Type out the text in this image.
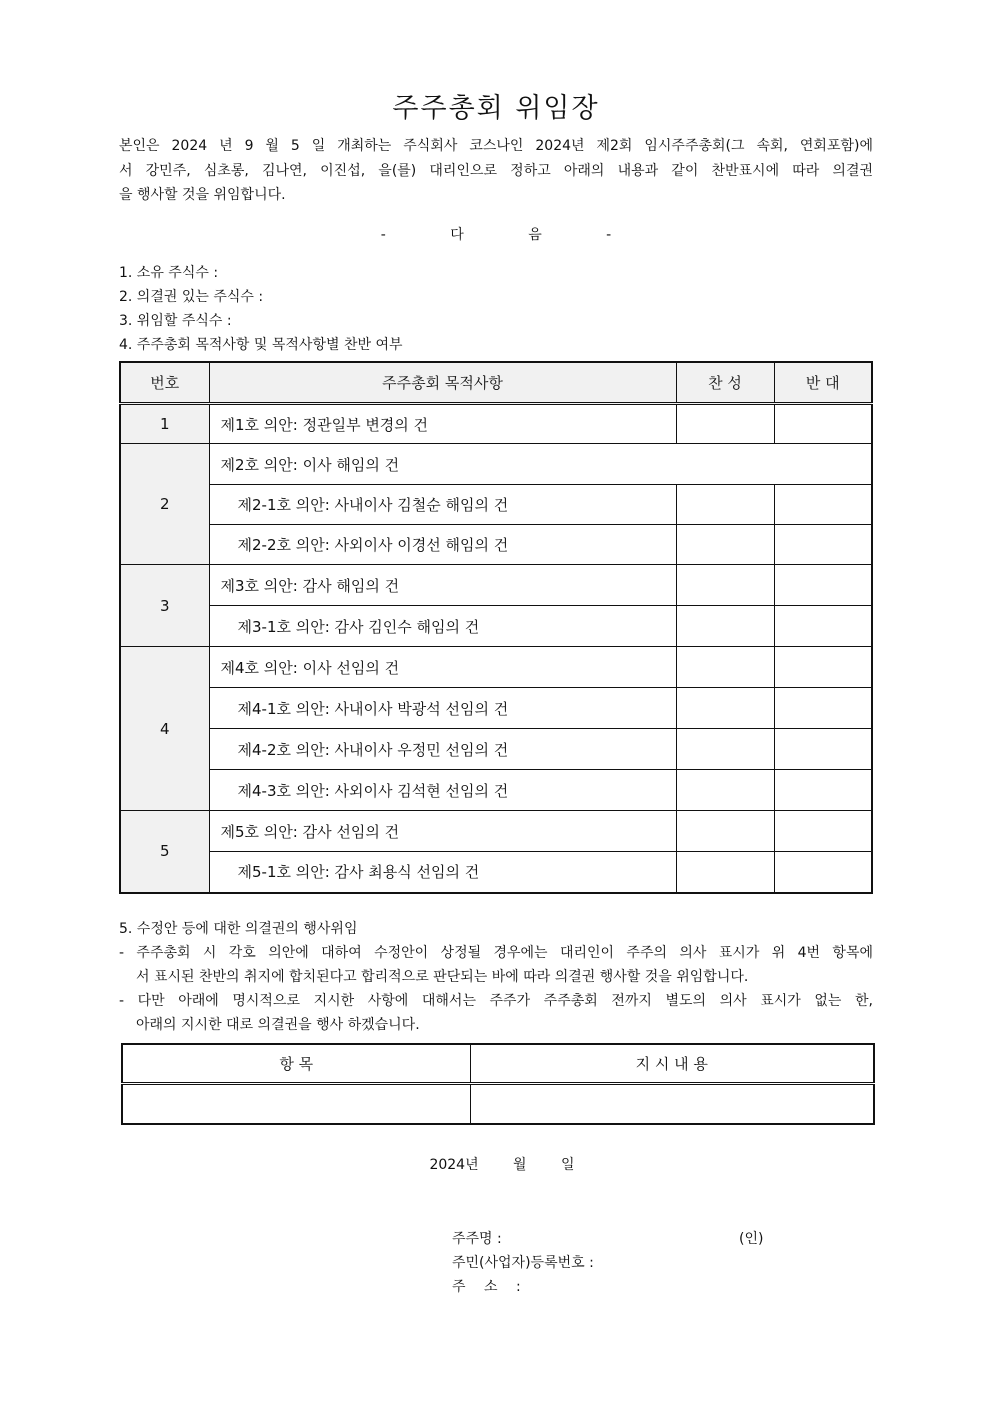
주주총회 위임장
본인은 2024 년 9 월 5 일 개최하는 주식회사 코스나인 2024년 제2회 임시주주총회(그 속회, 연회포함)에
서 강민주, 심초롱, 김나연, 이진섭, 을(를) 대리인으로 정하고 아래의 내용과 같이 찬반표시에 따라 의결권
을 행사할 것을 위임합니다.
- 다 음 -
1. 소유 주식수 :
2. 의결권 있는 주식수 :
3. 위임할 주식수 :
4. 주주총회 목적사항 및 목적사항별 찬반 여부
번호	주주총회 목적사항	찬 성	반 대
1	제1호 의안: 정관일부 변경의 건		
2	제2호 의안: 이사 해임의 건		
	제2-1호 의안: 사내이사 김철순 해임의 건		
	제2-2호 의안: 사외이사 이경선 해임의 건		
3	제3호 의안: 감사 해임의 건		
	제3-1호 의안: 감사 김인수 해임의 건		
4	제4호 의안: 이사 선임의 건		
	제4-1호 의안: 사내이사 박광석 선임의 건		
	제4-2호 의안: 사내이사 우정민 선임의 건		
	제4-3호 의안: 사외이사 김석현 선임의 건		
5	제5호 의안: 감사 선임의 건		
	제5-1호 의안: 감사 최용식 선임의 건		

5. 수정안 등에 대한 의결권의 행사위임

- 주주총회 시 각호 의안에 대하여 수정안이 상정될 경우에는 대리인이 주주의 의사 표시가 위 4번 항목에

서 표시된 찬반의 취지에 합치된다고 합리적으로 판단되는 바에 따라 의결권 행사할 것을 위임합니다.

- 다만 아래에 명시적으로 지시한 사항에 대해서는 주주가 주주총회 전까지 별도의 의사 표시가 없는 한,

아래의 지시한 대로 의결권을 행사 하겠습니다.

항 목	지 시 내 용

2024년 월 일
주주명 :	(인)
주민(사업자)등록번호 :
주 소 :
